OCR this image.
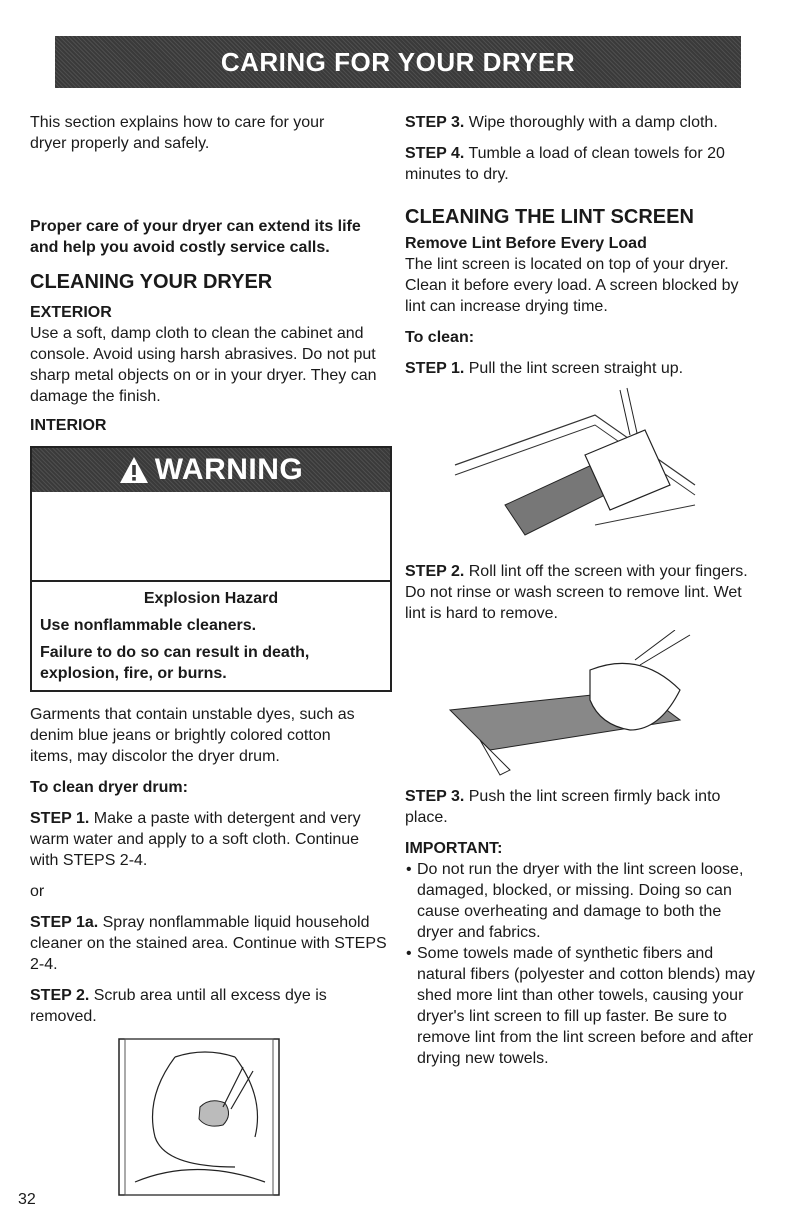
CARING FOR YOUR DRYER

This section explains how to care for your dryer properly and safely.

Proper care of your dryer can extend its life and help you avoid costly service calls.

CLEANING YOUR DRYER
EXTERIOR

Use a soft, damp cloth to clean the cabinet and console. Avoid using harsh abrasives. Do not put sharp metal objects on or in your dryer. They can damage the finish.

INTERIOR
WARNING
Explosion Hazard
Use nonflammable cleaners.
Failure to do so can result in death, explosion, fire, or burns.

Garments that contain unstable dyes, such as denim blue jeans or brightly colored cotton items, may discolor the dryer drum.

To clean dryer drum:

STEP 1. Make a paste with detergent and very warm water and apply to a soft cloth. Continue with STEPS 2-4.

or

STEP 1a. Spray nonflammable liquid household cleaner on the stained area. Continue with STEPS 2-4.

STEP 2. Scrub area until all excess dye is removed.

STEP 3. Wipe thoroughly with a damp cloth.

STEP 4. Tumble a load of clean towels for 20 minutes to dry.

CLEANING THE LINT SCREEN
Remove Lint Before Every Load

The lint screen is located on top of your dryer. Clean it before every load. A screen blocked by lint can increase drying time.

To clean:

STEP 1. Pull the lint screen straight up.

STEP 2. Roll lint off the screen with your fingers. Do not rinse or wash screen to remove lint. Wet lint is hard to remove.

STEP 3. Push the lint screen firmly back into place.

IMPORTANT:
• Do not run the dryer with the lint screen loose, damaged, blocked, or missing. Doing so can cause overheating and damage to both the dryer and fabrics.
• Some towels made of synthetic fibers and natural fibers (polyester and cotton blends) may shed more lint than other towels, causing your dryer's lint screen to fill up faster. Be sure to remove lint from the lint screen before and after drying new towels.
32
